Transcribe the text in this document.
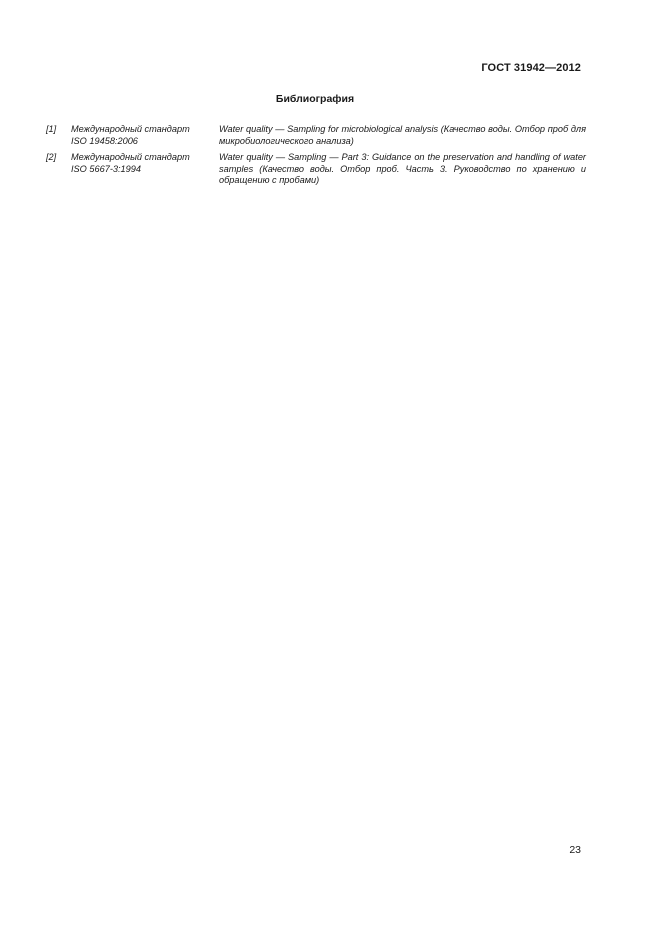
ГОСТ 31942—2012
Библиография
[1]	Международный стандарт
ISO 19458:2006
Water quality — Sampling for microbiological analysis (Качество воды. Отбор проб для микробиологического анализа)
[2]	Международный стандарт
ISO 5667-3:1994
Water quality — Sampling — Part 3: Guidance on the preservation and handling of water samples (Качество воды. Отбор проб. Часть 3. Руководство по хранению и обращению с пробами)
23
